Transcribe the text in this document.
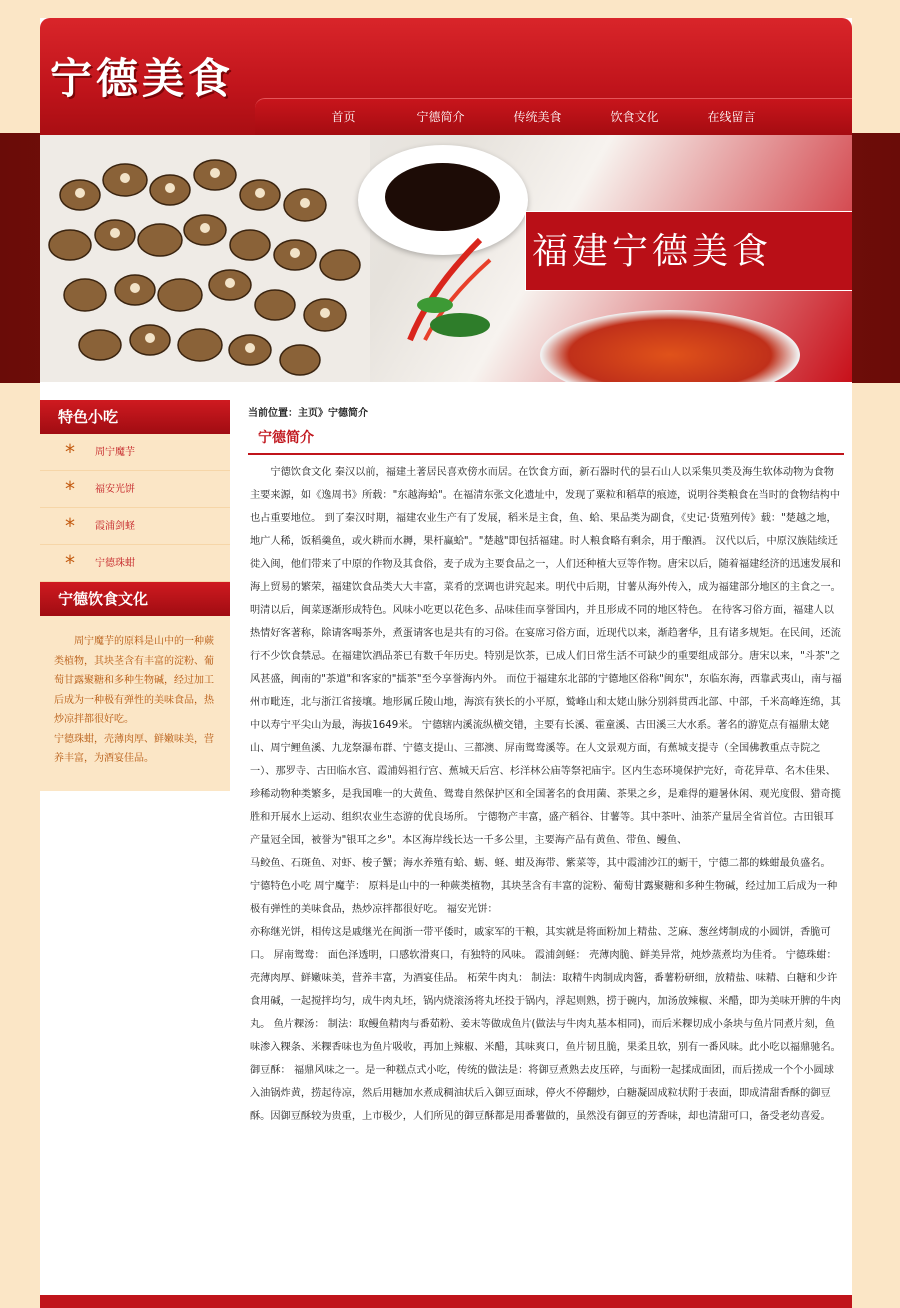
宁德美食
首页	宁德简介	传统美食	饮食文化	在线留言
福建宁德美食
特色小吃
* 周宁魔芋
* 福安光饼
* 霞浦剑蛏
* 宁德珠蚶
宁德饮食文化

周宁魔芋的原料是山中的一种蕨类植物，其块茎含有丰富的淀粉、葡萄甘露聚糖和多种生物碱，经过加工后成为一种极有弹性的美味食品，热炒凉拌都很好吃。

宁德珠蚶，壳薄肉厚、鲜嫩味美，营养丰富，为酒宴佳品。

当前位置：主页》宁德简介
宁德简介

宁德饮食文化 秦汉以前，福建土著居民喜欢傍水而居。在饮食方面，新石器时代的昙石山人以采集贝类及海生软体动物为食物主要来源，如《逸周书》所载："东越海蛤"。在福清东张文化遗址中，发现了粟粒和稻草的痕迹，说明谷类粮食在当时的食物结构中也占重要地位。 到了秦汉时期，福建农业生产有了发展，稻米是主食，鱼、蛤、果品类为副食，《史记·货殖列传》载："楚越之地，地广人稀，饭稻羹鱼，或火耕而水耨，果杆蠃蛤"。"楚越"即包括福建。时人粮食略有剩余，用于酿酒。 汉代以后，中原汉族陆续迁徙入闽，他们带来了中原的作物及其食俗，麦子成为主要食品之一，人们还种植大豆等作物。唐宋以后，随着福建经济的迅速发展和海上贸易的繁荣，福建饮食品类大大丰富，菜肴的烹调也讲究起来。明代中后期，甘薯从海外传入，成为福建部分地区的主食之一。明清以后，闽菜逐渐形成特色。风味小吃更以花色多、品味佳而享誉国内，并且形成不同的地区特色。 在待客习俗方面，福建人以热情好客著称，除请客喝茶外，煮蛋请客也是共有的习俗。在宴席习俗方面，近现代以来，渐趋奢华，且有诸多规矩。在民间，还流行不少饮食禁忌。在福建饮酒品茶已有数千年历史。特别是饮茶，已成人们日常生活不可缺少的重要组成部分。唐宋以来，"斗茶"之风甚盛，闽南的"茶道"和客家的"擂茶"至今享誉海内外。 而位于福建东北部的宁德地区俗称"闽东"，东临东海，西靠武夷山，南与福州市毗连，北与浙江省接壤。地形属丘陵山地，海滨有狭长的小平原，鹫峰山和太姥山脉分别斜贯西北部、中部，千米高峰连绵，其中以寿宁平尖山为最，海拔1649米。 宁德辖内溪流纵横交错，主要有长溪、霍童溪、古田溪三大水系。著名的游览点有福鼎太姥山、周宁鲤鱼溪、九龙祭瀑布群、宁德支提山、三都澳、屏南鸳鸯溪等。在人文景观方面，有蕉城支提寺（全国佛教重点寺院之一）、那罗寺、古田临水宫、霞浦妈祖行宫、蕉城天后宫、杉洋林公庙等祭祀庙宇。区内生态环境保护完好，奇花异草、名木佳果、珍稀动物种类繁多，是我国唯一的大黄鱼、鸳鸯自然保护区和全国著名的食用菌、茶果之乡，是难得的避暑休闲、观光度假、猎奇揽胜和开展水上运动、组织农业生态游的优良场所。 宁德物产丰富，盛产稻谷、甘薯等。其中茶叶、油茶产量居全省首位。古田银耳产量冠全国，被誉为"银耳之乡"。本区海岸线长达一千多公里，主要海产品有黄鱼、带鱼、鳗鱼、

马鲛鱼、石斑鱼、对虾、梭子蟹；海水养殖有蛤、蛎、蛏、蚶及海带、紫菜等，其中霞浦沙江的蛎干，宁德二都的蛛蚶最负盛名。 宁德特色小吃 周宁魔芋： 原料是山中的一种蕨类植物，其块茎含有丰富的淀粉、葡萄甘露聚糖和多种生物碱，经过加工后成为一种极有弹性的美味食品，热炒凉拌都很好吃。 福安光饼：

亦称继光饼，相传这是戚继光在闽浙一带平倭时，戚家军的干粮，其实就是将面粉加上精盐、芝麻、葱丝烤制成的小圆饼，香脆可口。 屏南鸳鸯： 面色泽透明，口感软滑爽口，有独特的风味。 霞浦剑蛏： 壳薄肉脆、鲜美异常，炖炒蒸煮均为佳肴。 宁德珠蚶： 壳薄肉厚、鲜嫩味美，营养丰富，为酒宴佳品。 柘荣牛肉丸： 制法：取精牛肉制成肉酱，番薯粉研细，放精盐、味精、白糖和少许食用碱，一起搅拌均匀，成牛肉丸坯，锅内烧滚汤将丸坯投于锅内，浮起则熟，捞于碗内，加汤放辣椒、米醋，即为美味开脾的牛肉丸。 鱼片粿汤： 制法：取鳗鱼精肉与番茹粉、姜末等做成鱼片(做法与牛肉丸基本相同)，而后米粿切成小条块与鱼片同煮片刻，鱼味渗入粿条、米粿香味也为鱼片吸收，再加上辣椒、米醋，其味爽口，鱼片韧且脆，果柔且软，别有一番风味。此小吃以福鼎驰名。 御豆酥： 福鼎风味之一。是一种糕点式小吃，传统的做法是：将御豆煮熟去皮压碎，与面粉一起揉成面团，而后搓成一个个小圆球入油锅炸黄，捞起待凉，然后用糖加水煮成稠油状后入御豆面球，停火不停翻炒，白糖凝固成粒状附于表面，即成清甜香酥的御豆酥。因御豆酥较为贵重，上市极少，人们所见的御豆酥都是用番薯做的，虽然没有御豆的芳香味，却也清甜可口，备受老幼喜爱。
